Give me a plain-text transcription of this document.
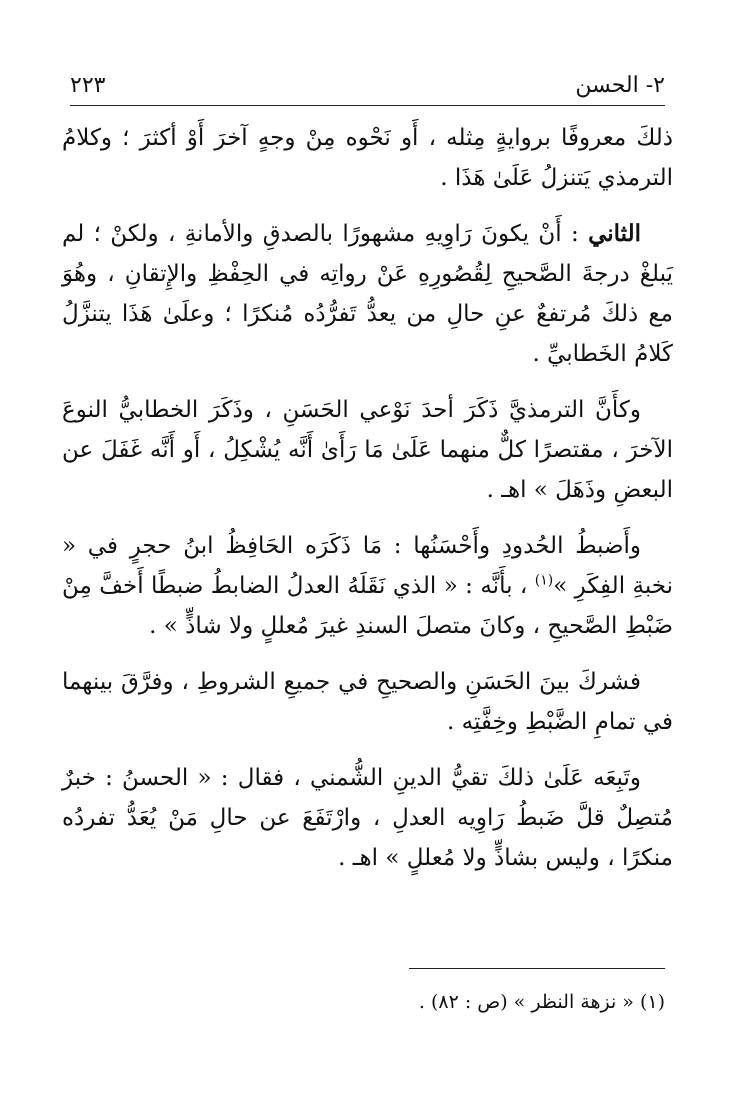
٢- الحسن
٢٢٣

ذلكَ معروفًا بروايةٍ مِثله ، أَو نَحْوه مِنْ وجهٍ آخرَ أَوْ أكثرَ ؛ وكلامُ الترمذي يَتنزلُ عَلَىٰ هَذَا .

الثاني : أَنْ يكونَ رَاوِيهِ مشهورًا بالصدقِ والأمانةِ ، ولكنْ ؛ لم يَبلغْ درجةَ الصَّحيحِ لِقُصُورِهِ عَنْ رواتِه في الحِفْظِ والإِتقانِ ، وهُوَ مع ذلكَ مُرتفعٌ عنِ حالِ من يعدُّ تَفرُّدُه مُنكرًا ؛ وعلَىٰ هَذَا يتنزَّلُ كَلامُ الخَطابيِّ .

وكأَنَّ الترمذيَّ ذَكَرَ أحدَ نَوْعي الحَسَنِ ، وذَكَرَ الخطابيُّ النوعَ الآخرَ ، مقتصرًا كلٌّ منهما عَلَىٰ مَا رَأَىٰ أَنَّه يُشْكِلُ ، أَو أَنَّه غَفَلَ عن البعضِ وذَهَلَ » اهـ .

وأَضبطُ الحُدودِ وأَحْسَنُها : مَا ذَكَرَه الحَافِظُ ابنُ حجرٍ في « نخبةِ الفِكَرِ »$^{(١)}$ ، بأَنَّه : « الذي نَقَلَهُ العدلُ الضابطُ ضبطًا أَخفَّ مِنْ ضَبْطِ الصَّحيحِ ، وكانَ متصلَ السندِ غيرَ مُعللٍ ولا شاذٍّ » .

فشركَ بينَ الحَسَنِ والصحيحِ في جميعِ الشروطِ ، وفرَّقَ بينهما في تمامِ الضَّبْطِ وخِفَّتِه .

وتَبِعَه عَلَىٰ ذلكَ تقيُّ الدينِ الشُّمني ، فقال : « الحسنُ : خبرٌ مُتصِلٌ قلَّ ضَبطُ رَاوِيه العدلِ ، وارْتَفَعَ عن حالِ مَنْ يُعَدُّ تفردُه منكرًا ، وليس بشاذٍّ ولا مُعللٍ » اهـ .

(١) « نزهة النظر » (ص : ٨٢) .
